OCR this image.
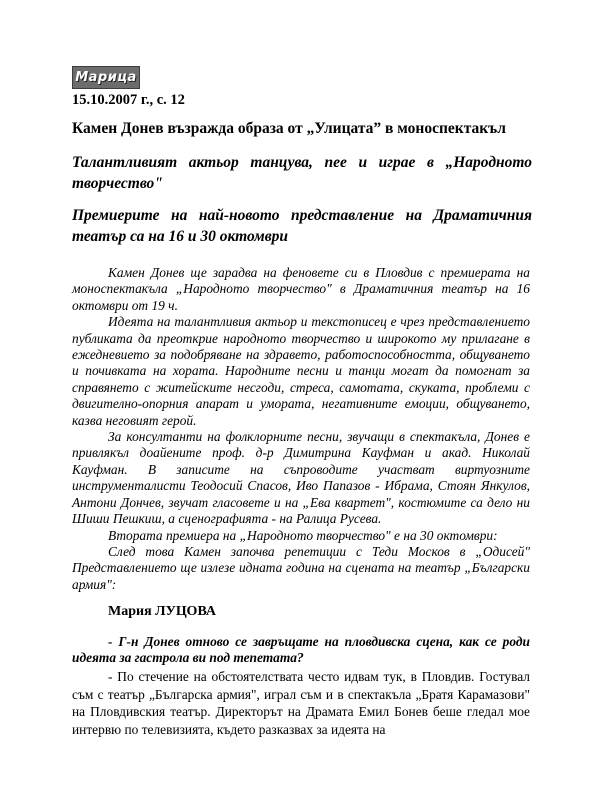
Марица
15.10.2007 г., с. 12
Камен Донев възражда образа от „Улицата” в моноспектакъл
Талантливият актьор танцува, пее и играе в „Народното творчество"
Премиерите на най-новото представление на Драматичния театър са на 16 и 30 октомври

Камен Донев ще зарадва на феновете си в Пловдив с премиерата на моноспектакъла „Народното творчество" в Драматичния театър на 16 октомври от 19 ч.

Идеята на талантливия актьор и текстописец е чрез представлението публиката да преоткрие народното творчество и широкото му прилагане в ежедневието за подобряване на здравето, работоспособността, общуването и почивката на хората. Народните песни и танци могат да помогнат за справянето с житейските несгоди, стреса, самотата, скуката, проблеми с двигително-опорния апарат и умората, негативните емоции, общуването, казва неговият герой.

За консултанти на фолклорните песни, звучащи в спектакъла, Донев е привлякъл доайените проф. д-р Димитрина Кауфман и акад. Николай Кауфман. В записите на съпроводите участват виртуозните инструменталисти Теодосий Спасов, Иво Папазов - Ибрама, Стоян Янкулов, Антони Дончев, звучат гласовете и на „Ева квартет", костюмите са дело ни Шиши Пешкиш, а сценографията - на Ралица Русева.

Втората премиера на „Народното творчество" е на 30 октомври:

След това Камен започва репетиции с Теди Москов в „Одисей" Представлението ще излезе идната година на сцената на театър „Български армия":

Мария ЛУЦОВА

- Г-н Донев отново се завръщате на пловдивска сцена, как се роди идеята за гастрола ви под тепетата?

- По стечение на обстоятелствата често идвам тук, в Пловдив. Гостувал съм с театър „Българска армия", играл съм и в спектакъла „Братя Карамазови" на Пловдивския театър. Директорът на Драмата Емил Бонев беше гледал мое интервю по телевизията, където разказвах за идеята на
